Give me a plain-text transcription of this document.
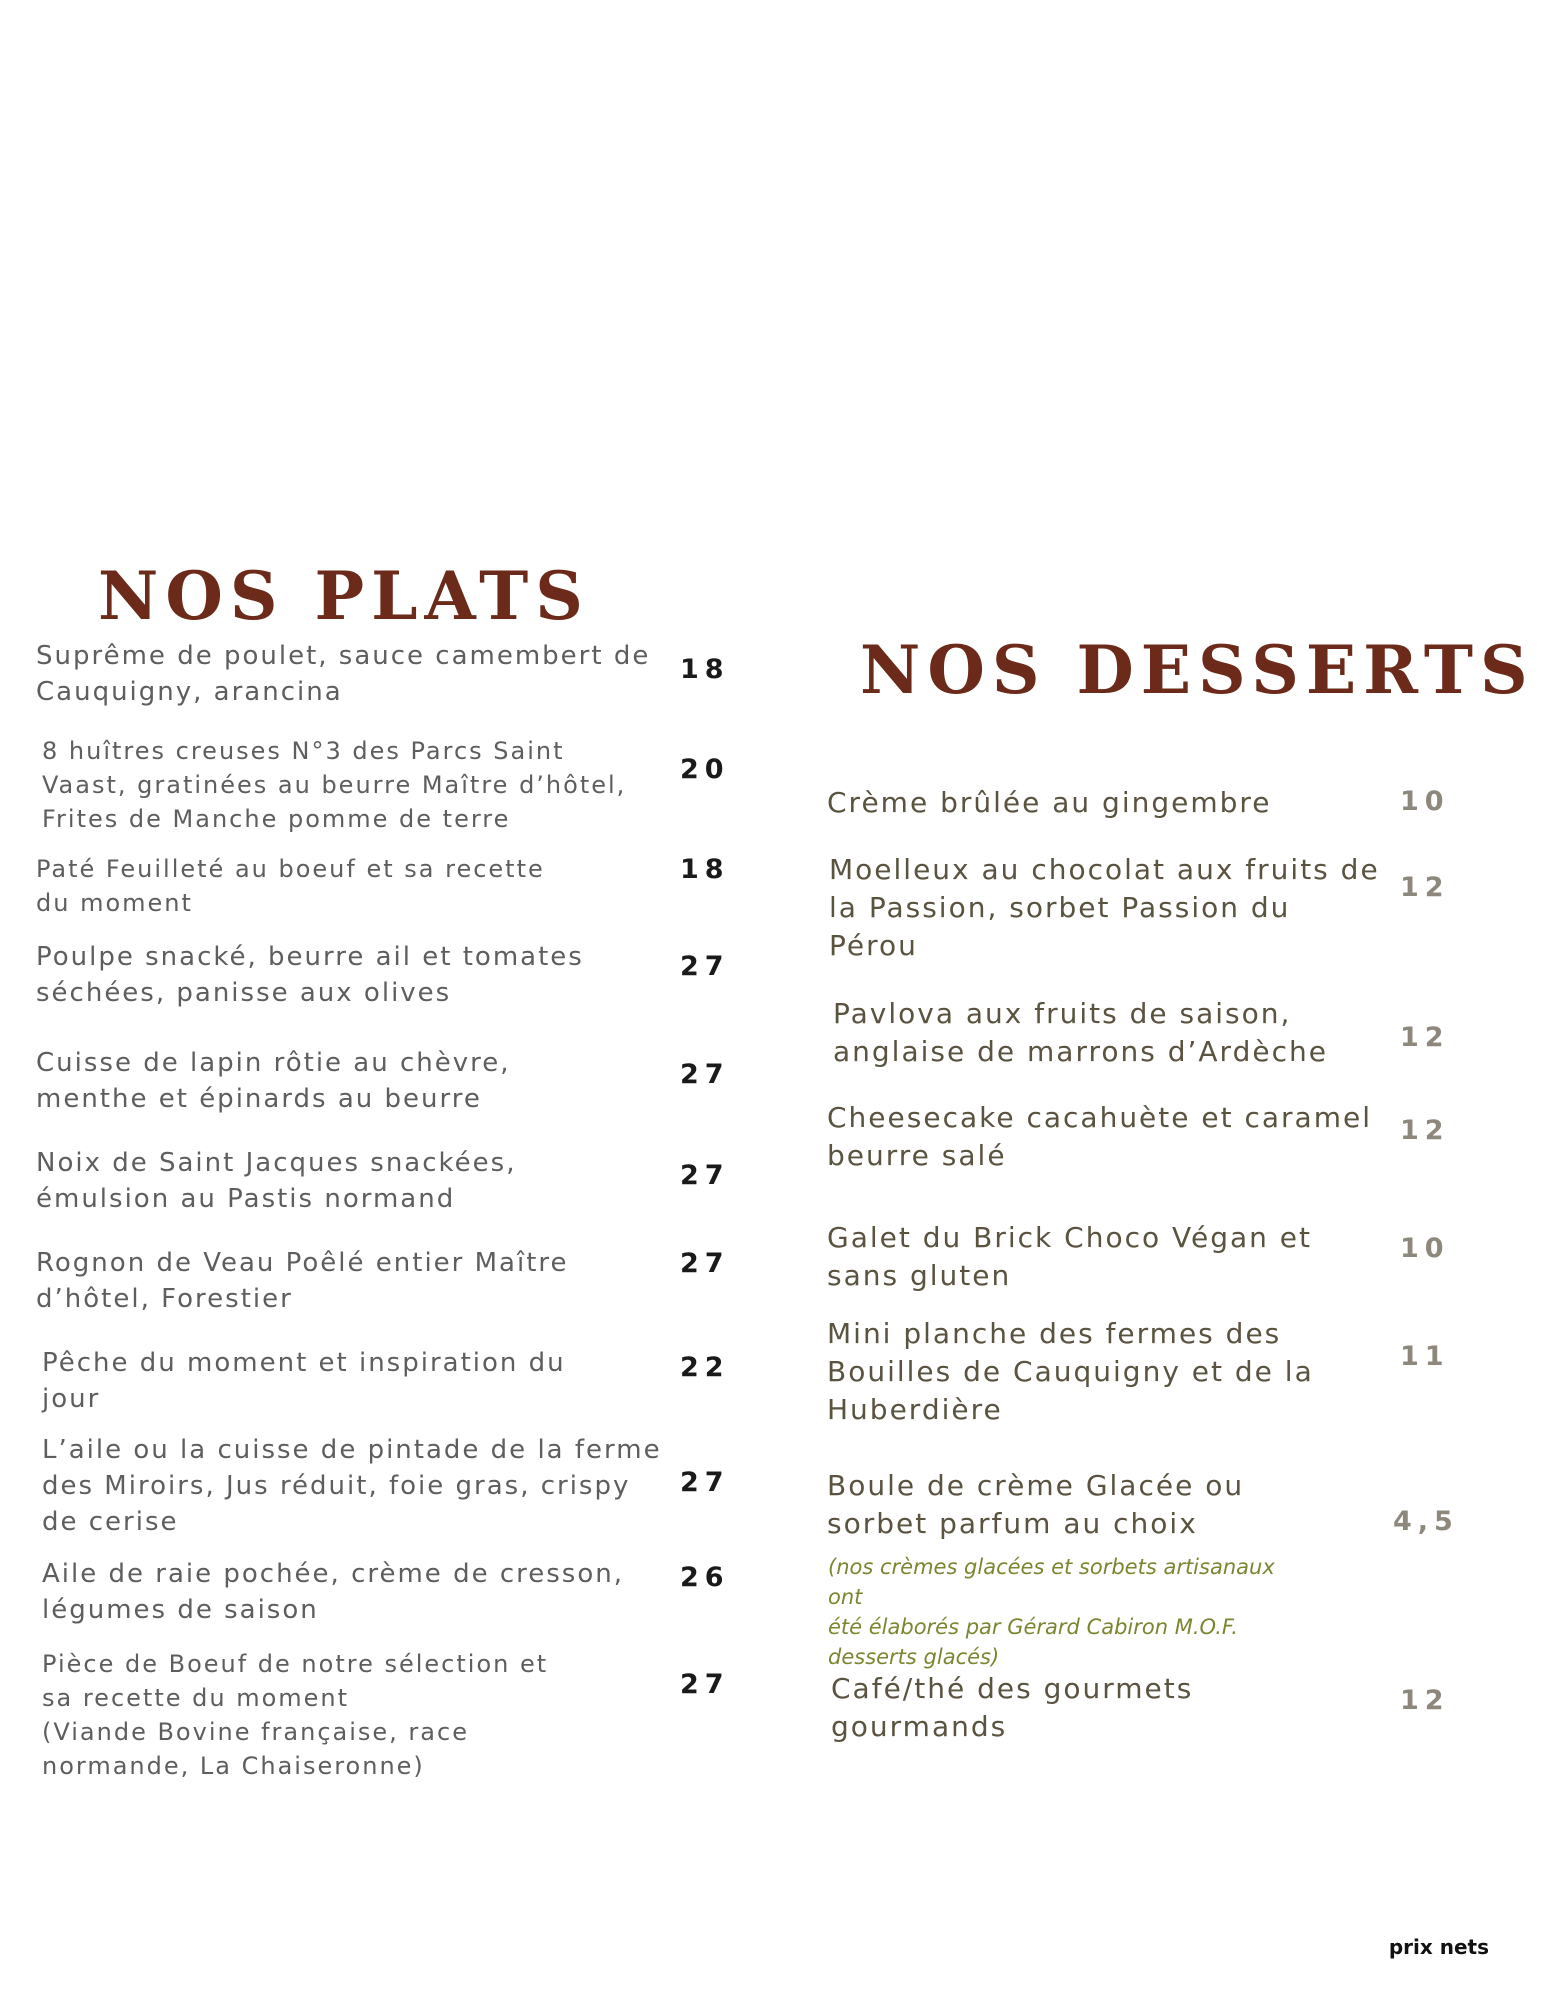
NOS PLATS
NOS DESSERTS
Suprême de poulet, sauce camembert de
Cauquigny, arancina
18
8 huîtres creuses N°3 des Parcs Saint
Vaast, gratinées au beurre Maître d’hôtel,
Frites de Manche pomme de terre
20
Paté Feuilleté au boeuf et sa recette
du moment
18
Poulpe snacké, beurre ail et tomates
séchées, panisse aux olives
27
Cuisse de lapin rôtie au chèvre,
menthe et épinards au beurre
27
Noix de Saint Jacques snackées,
émulsion au Pastis normand
27
Rognon de Veau Poêlé entier Maître
d’hôtel, Forestier
27
Pêche du moment et inspiration du
jour
22
L’aile ou la cuisse de pintade de la ferme
des Miroirs, Jus réduit, foie gras, crispy
de cerise
27
Aile de raie pochée, crème de cresson,
légumes de saison
26
Pièce de Boeuf de notre sélection et
sa recette du moment
(Viande Bovine française, race
normande, La Chaiseronne)
27
Crème brûlée au gingembre	10
Moelleux au chocolat aux fruits de
la Passion, sorbet Passion du
Pérou
12
Pavlova aux fruits de saison,
anglaise de marrons d’Ardèche	12
Cheesecake cacahuète et caramel
beurre salé
12
Galet du Brick Choco Végan et
sans gluten
10
Mini planche des fermes des
Bouilles de Cauquigny et de la
Huberdière
11
Boule de crème Glacée ou
sorbet parfum au choix	4,5
(nos crèmes glacées et sorbets artisanaux ont
été élaborés par Gérard Cabiron M.O.F.
desserts glacés)
Café/thé des gourmets
gourmands
12
prix nets
